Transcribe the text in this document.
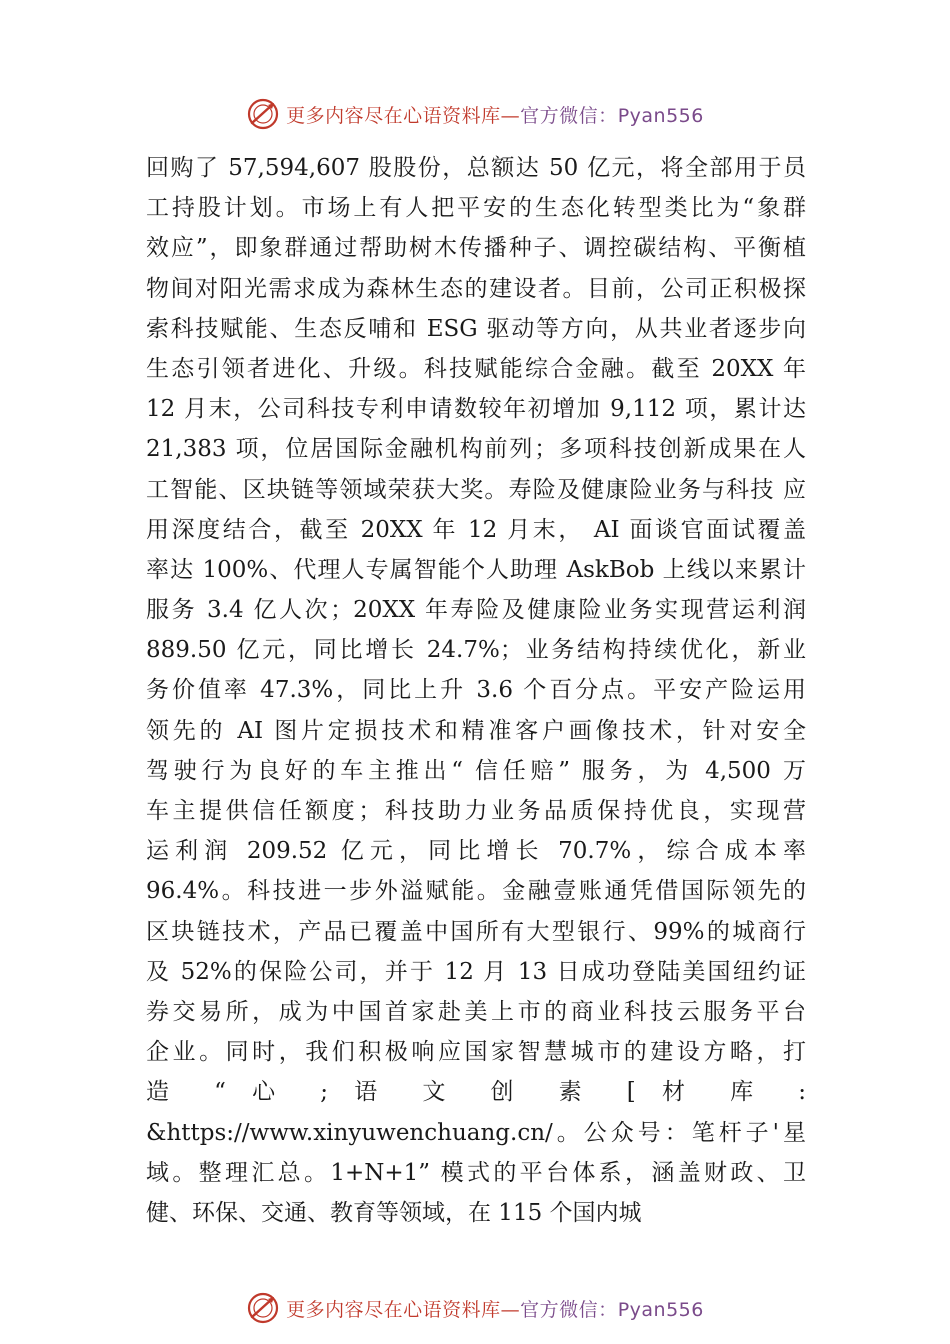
更多内容尽在心语资料库—官方微信：Pyan556
回购了 57,594,607 股股份，总额达 50 亿元，将全部用于员
工持股计划。市场上有人把平安的生态化转型类比为“象群
效应”，即象群通过帮助树木传播种子、调控碳结构、平衡植
物间对阳光需求成为森林生态的建设者。目前，公司正积极探
索科技赋能、生态反哺和 ESG 驱动等方向，从共业者逐步向
生态引领者进化、升级。科技赋能综合金融。截至 20XX 年
12 月末，公司科技专利申请数较年初增加 9,112 项，累计达
21,383 项，位居国际金融机构前列；多项科技创新成果在人
工智能、区块链等领域荣获大奖。寿险及健康险业务与科技 应
用深度结合，截至 20XX 年 12 月末， AI 面谈官面试覆盖
率达 100%、代理人专属智能个人助理 AskBob 上线以来累计
服务 3.4 亿人次；20XX 年寿险及健康险业务实现营运利润
889.50 亿元，同比增长 24.7%；业务结构持续优化，新业
务价值率 47.3%，同比上升 3.6 个百分点。平安产险运用
领先的 AI 图片定损技术和精准客户画像技术，针对安全
驾驶行为良好的车主推出“ 信任赔” 服务，为 4,500 万
车主提供信任额度；科技助力业务品质保持优良，实现营
运利润 209.52 亿元，同比增长 70.7%，综合成本率
96.4%。科技进一步外溢赋能。金融壹账通凭借国际领先的
区块链技术，产品已覆盖中国所有大型银行、99%的城商行
及 52%的保险公司，并于 12 月 13 日成功登陆美国纽约证
券交易所，成为中国首家赴美上市的商业科技云服务平台
企业。同时，我们积极响应国家智慧城市的建设方略，打
造 “ 心 ; 语 文 创 素 [ 材 库 :
&https://www.xinyuwenchuang.cn/。公众号：笔杆子'星
域。整理汇总。1+N+1” 模式的平台体系，涵盖财政、卫
健、环保、交通、教育等领域，在 115 个国内城
更多内容尽在心语资料库—官方微信：Pyan556
